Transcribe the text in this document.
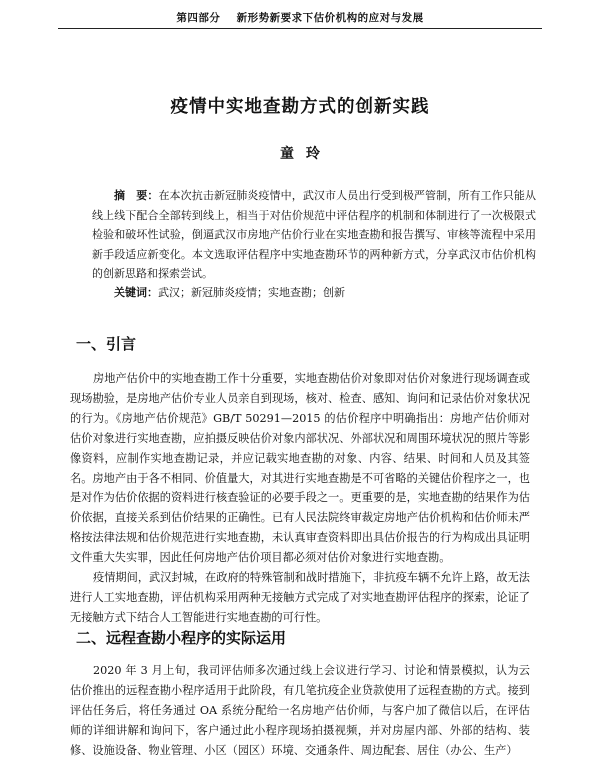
第四部分 新形势新要求下估价机构的应对与发展
疫情中实地查勘方式的创新实践
童玲

摘　要：在本次抗击新冠肺炎疫情中，武汉市人员出行受到极严管制，所有工作只能从线上线下配合全部转到线上，相当于对估价规范中评估程序的机制和体制进行了一次极限式检验和破坏性试验，倒逼武汉市房地产估价行业在实地查勘和报告撰写、审核等流程中采用新手段适应新变化。本文选取评估程序中实地查勘环节的两种新方式，分享武汉市估价机构的创新思路和探索尝试。

关键词：武汉；新冠肺炎疫情；实地查勘；创新

一、引言

房地产估价中的实地查勘工作十分重要，实地查勘估价对象即对估价对象进行现场调查或现场勘验，是房地产估价专业人员亲自到现场，核对、检查、感知、询问和记录估价对象状况的行为。《房地产估价规范》GB/T 50291—2015 的估价程序中明确指出：房地产估价师对估价对象进行实地查勘，应拍摄反映估价对象内部状况、外部状况和周围环境状况的照片等影像资料，应制作实地查勘记录，并应记载实地查勘的对象、内容、结果、时间和人员及其签名。房地产由于各不相同、价值量大，对其进行实地查勘是不可省略的关键估价程序之一，也是对作为估价依据的资料进行核查验证的必要手段之一。更重要的是，实地查勘的结果作为估价依据，直接关系到估价结果的正确性。已有人民法院终审裁定房地产估价机构和估价师未严格按法律法规和估价规范进行实地查勘，未认真审查资料即出具估价报告的行为构成出具证明文件重大失实罪，因此任何房地产估价项目都必须对估价对象进行实地查勘。

疫情期间，武汉封城，在政府的特殊管制和战时措施下，非抗疫车辆不允许上路，故无法进行人工实地查勘，评估机构采用两种无接触方式完成了对实地查勘评估程序的探索，论证了无接触方式下结合人工智能进行实地查勘的可行性。

二、远程查勘小程序的实际运用

2020 年 3 月上旬，我司评估师多次通过线上会议进行学习、讨论和情景模拟，认为云估价推出的远程查勘小程序适用于此阶段，有几笔抗疫企业贷款使用了远程查勘的方式。接到评估任务后，将任务通过 OA 系统分配给一名房地产估价师，与客户加了微信以后，在评估师的详细讲解和询问下，客户通过此小程序现场拍摄视频，并对房屋内部、外部的结构、装修、设施设备、物业管理、小区（园区）环境、交通条件、周边配套、居住（办公、生产）
